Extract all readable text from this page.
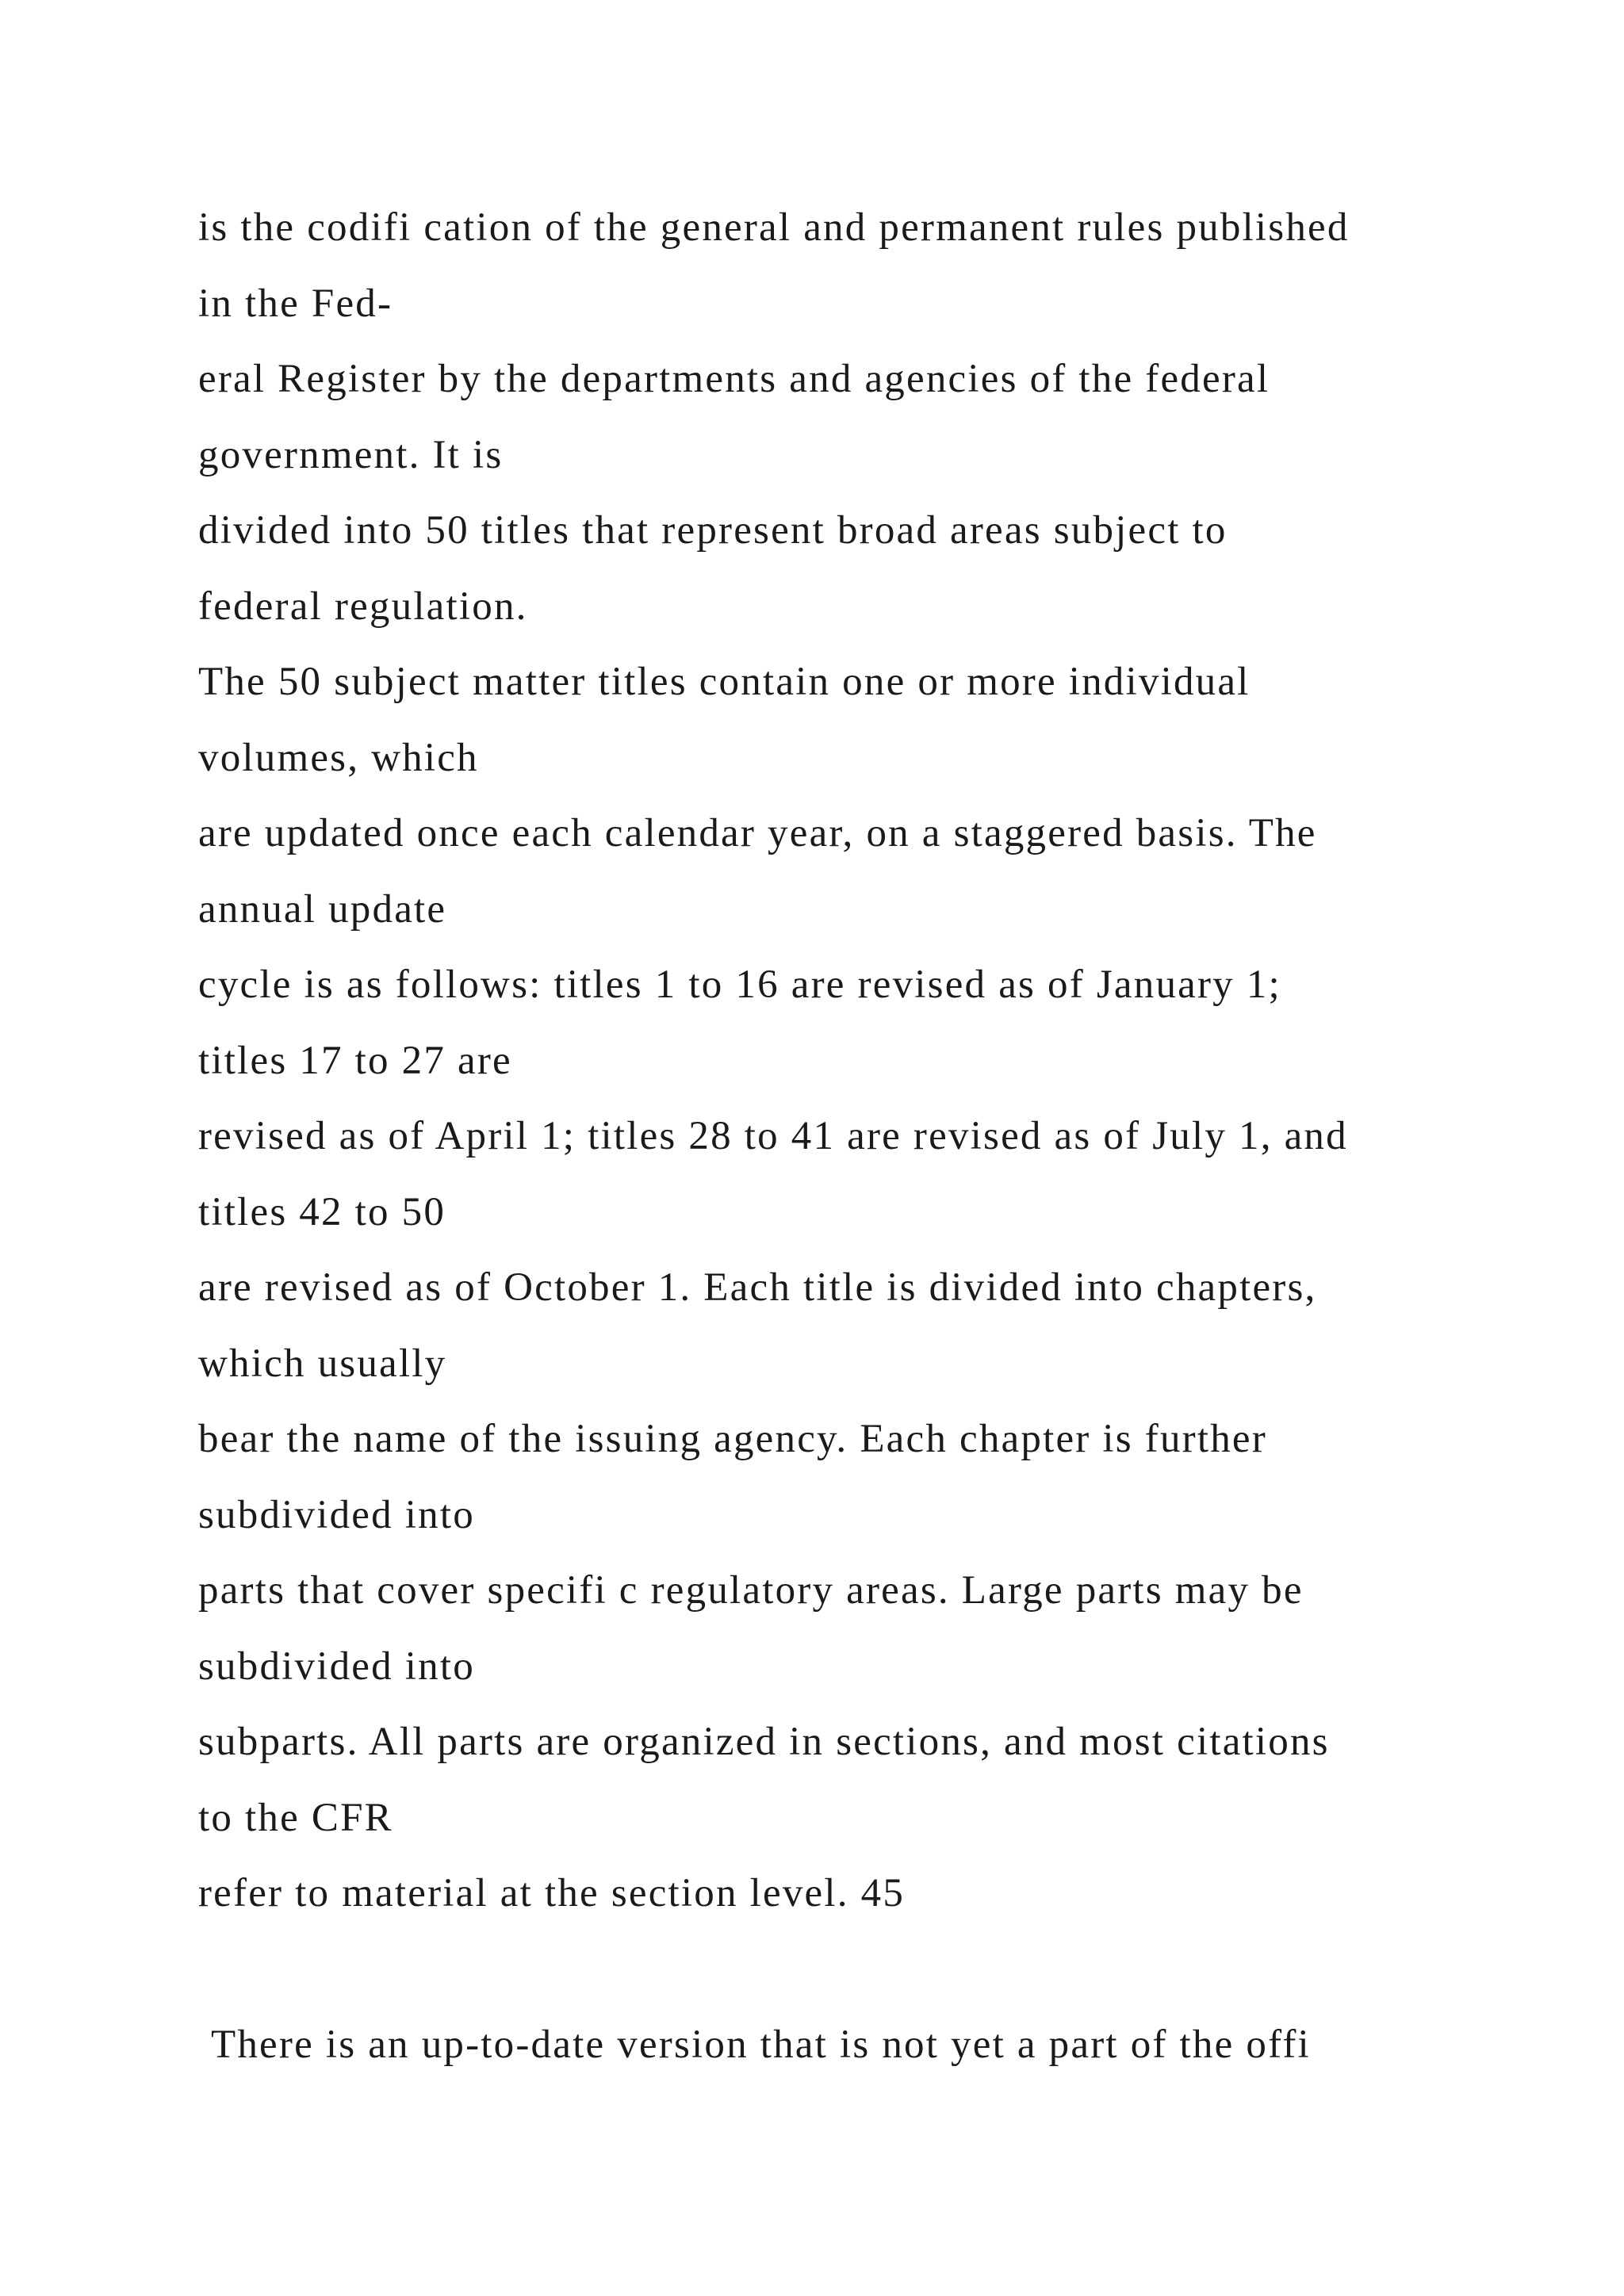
is the codifi cation of the general and permanent rules published
in the Fed-
eral Register by the departments and agencies of the federal
government. It is
divided into 50 titles that represent broad areas subject to
federal regulation.
The 50 subject matter titles contain one or more individual
volumes, which
are updated once each calendar year, on a staggered basis. The
annual update
cycle is as follows: titles 1 to 16 are revised as of January 1;
titles 17 to 27 are
revised as of April 1; titles 28 to 41 are revised as of July 1, and
titles 42 to 50
are revised as of October 1. Each title is divided into chapters,
which usually
bear the name of the issuing agency. Each chapter is further
subdivided into
parts that cover specifi c regulatory areas. Large parts may be
subdivided into
subparts. All parts are organized in sections, and most citations
to the CFR
refer to material at the section level. 45
There is an up-to-date version that is not yet a part of the offi
